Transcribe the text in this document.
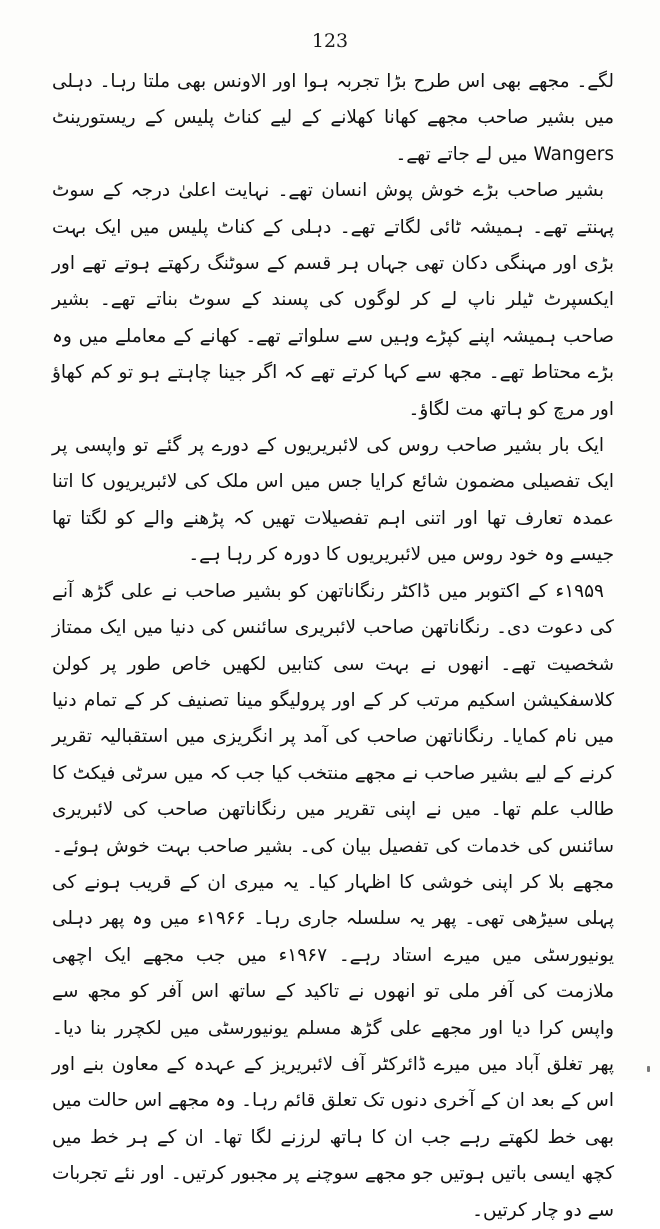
123

لگے۔ مجھے بھی اس طرح بڑا تجربہ ہوا اور الاونس بھی ملتا رہا۔ دہلی میں بشیر صاحب مجھے کھانا کھلانے کے لیے کناٹ پلیس کے ریستورینٹ Wangers میں لے جاتے تھے۔

بشیر صاحب بڑے خوش پوش انسان تھے۔ نہایت اعلیٰ درجہ کے سوٹ پہنتے تھے۔ ہمیشہ ٹائی لگاتے تھے۔ دہلی کے کناٹ پلیس میں ایک بہت بڑی اور مہنگی دکان تھی جہاں ہر قسم کے سوٹنگ رکھتے ہوتے تھے اور ایکسپرٹ ٹیلر ناپ لے کر لوگوں کی پسند کے سوٹ بناتے تھے۔ بشیر صاحب ہمیشہ اپنے کپڑے وہیں سے سلواتے تھے۔ کھانے کے معاملے میں وہ بڑے محتاط تھے۔ مجھ سے کہا کرتے تھے کہ اگر جینا چاہتے ہو تو کم کھاؤ اور مرچ کو ہاتھ مت لگاؤ۔

ایک بار بشیر صاحب روس کی لائبریریوں کے دورے پر گئے تو واپسی پر ایک تفصیلی مضمون شائع کرایا جس میں اس ملک کی لائبریریوں کا اتنا عمدہ تعارف تھا اور اتنی اہم تفصیلات تھیں کہ پڑھنے والے کو لگتا تھا جیسے وہ خود روس میں لائبریریوں کا دورہ کر رہا ہے۔

۱۹۵۹ء کے اکتوبر میں ڈاکٹر رنگاناتھن کو بشیر صاحب نے علی گڑھ آنے کی دعوت دی۔ رنگاناتھن صاحب لائبریری سائنس کی دنیا میں ایک ممتاز شخصیت تھے۔ انھوں نے بہت سی کتابیں لکھیں خاص طور پر کولن کلاسفکیشن اسکیم مرتب کر کے اور پرولیگو مینا تصنیف کر کے تمام دنیا میں نام کمایا۔ رنگاناتھن صاحب کی آمد پر انگریزی میں استقبالیہ تقریر کرنے کے لیے بشیر صاحب نے مجھے منتخب کیا جب کہ میں سرٹی فیکٹ کا طالب علم تھا۔ میں نے اپنی تقریر میں رنگاناتھن صاحب کی لائبریری سائنس کی خدمات کی تفصیل بیان کی۔ بشیر صاحب بہت خوش ہوئے۔ مجھے بلا کر اپنی خوشی کا اظہار کیا۔ یہ میری ان کے قریب ہونے کی پہلی سیڑھی تھی۔ پھر یہ سلسلہ جاری رہا۔ ۱۹۶۶ء میں وہ پھر دہلی یونیورسٹی میں میرے استاد رہے۔ ۱۹۶۷ء میں جب مجھے ایک اچھی ملازمت کی آفر ملی تو انھوں نے تاکید کے ساتھ اس آفر کو مجھ سے واپس کرا دیا اور مجھے علی گڑھ مسلم یونیورسٹی میں لکچرر بنا دیا۔ پھر تغلق آباد میں میرے ڈائرکٹر آف لائبریریز کے عہدہ کے معاون بنے اور اس کے بعد ان کے آخری دنوں تک تعلق قائم رہا۔ وہ مجھے اس حالت میں بھی خط لکھتے رہے جب ان کا ہاتھ لرزنے لگا تھا۔ ان کے ہر خط میں کچھ ایسی باتیں ہوتیں جو مجھے سوچنے پر مجبور کرتیں۔ اور نئے تجربات سے دو چار کرتیں۔
